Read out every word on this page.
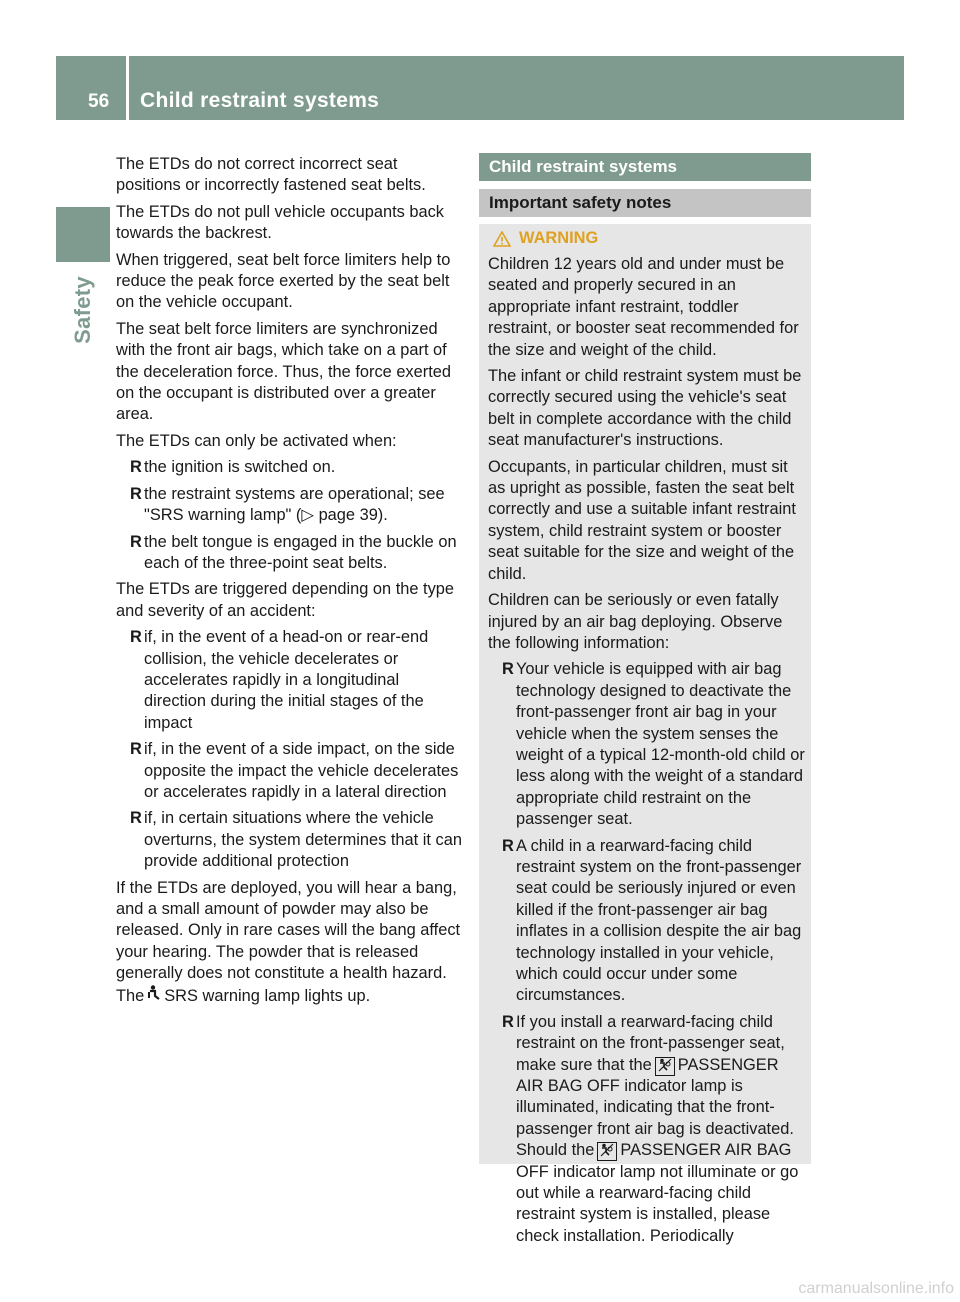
56 Child restraint systems
Safety

The ETDs do not correct incorrect seat positions or incorrectly fastened seat belts.

The ETDs do not pull vehicle occupants back towards the backrest.

When triggered, seat belt force limiters help to reduce the peak force exerted by the seat belt on the vehicle occupant.

The seat belt force limiters are synchronized with the front air bags, which take on a part of the deceleration force. Thus, the force exerted on the occupant is distributed over a greater area.

The ETDs can only be activated when:

R the ignition is switched on.
R the restraint systems are operational; see "SRS warning lamp" (▷ page 39).
R the belt tongue is engaged in the buckle on each of the three-point seat belts.

The ETDs are triggered depending on the type and severity of an accident:

R if, in the event of a head-on or rear-end collision, the vehicle decelerates or accelerates rapidly in a longitudinal direction during the initial stages of the impact
R if, in the event of a side impact, on the side opposite the impact the vehicle decelerates or accelerates rapidly in a lateral direction
R if, in certain situations where the vehicle overturns, the system determines that it can provide additional protection

If the ETDs are deployed, you will hear a bang, and a small amount of powder may also be released. Only in rare cases will the bang affect your hearing. The powder that is released generally does not constitute a health hazard. The SRS warning lamp lights up.

Child restraint systems
Important safety notes
WARNING

Children 12 years old and under must be seated and properly secured in an appropriate infant restraint, toddler restraint, or booster seat recommended for the size and weight of the child.

The infant or child restraint system must be correctly secured using the vehicle's seat belt in complete accordance with the child seat manufacturer's instructions.

Occupants, in particular children, must sit as upright as possible, fasten the seat belt correctly and use a suitable infant restraint system, child restraint system or booster seat suitable for the size and weight of the child.

Children can be seriously or even fatally injured by an air bag deploying. Observe the following information:

R Your vehicle is equipped with air bag technology designed to deactivate the front-passenger front air bag in your vehicle when the system senses the weight of a typical 12-month-old child or less along with the weight of a standard appropriate child restraint on the passenger seat.
R A child in a rearward-facing child restraint system on the front-passenger seat could be seriously injured or even killed if the front-passenger air bag inflates in a collision despite the air bag technology installed in your vehicle, which could occur under some circumstances.
R If you install a rearward-facing child restraint on the front-passenger seat, make sure that the PASSENGER AIR BAG OFF indicator lamp is illuminated, indicating that the front-passenger front air bag is deactivated. Should the PASSENGER AIR BAG OFF indicator lamp not illuminate or go out while a rearward-facing child restraint system is installed, please check installation. Periodically
carmanualsonline.info
